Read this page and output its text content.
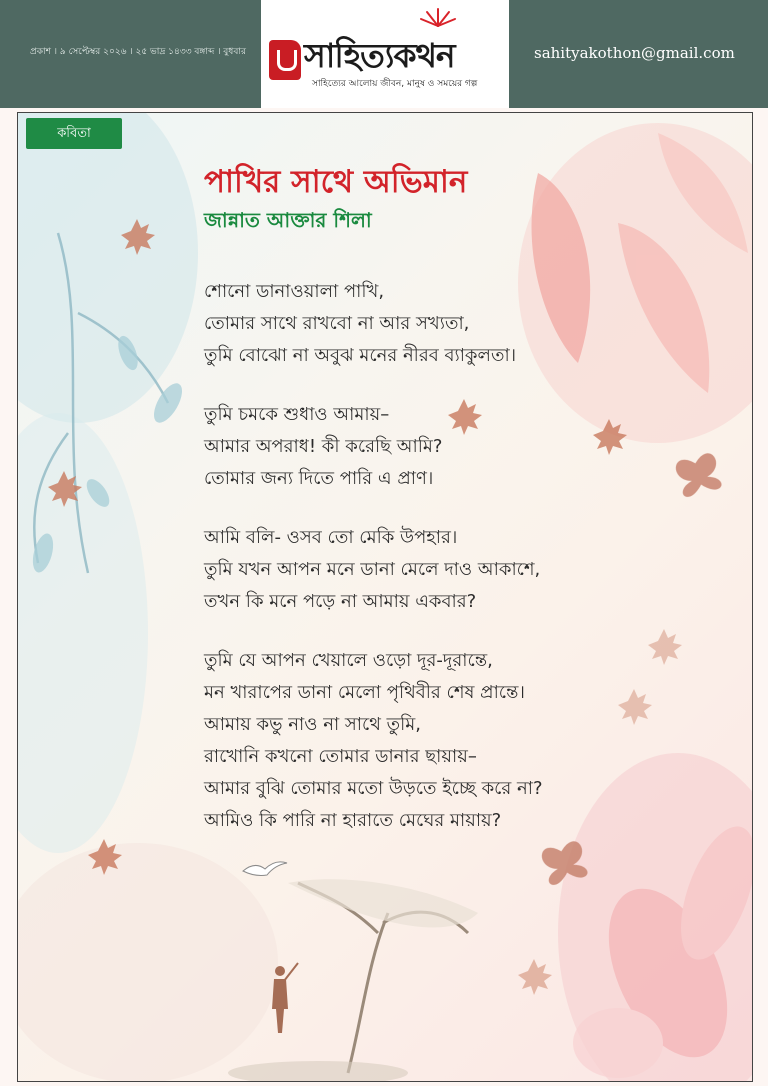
প্রকাশ । ৯ সেপ্টেম্বর ২০২৬ । ২৫ ভাদ্র ১৪৩৩ বঙ্গাব্দ । বুধবার	sahityakothon@gmail.com
সাহিত্যকথন
সাহিত্যের আলোয় জীবন, মানুষ ও সময়ের গল্প
কবিতা
পাখির সাথে অভিমান
জান্নাত আক্তার শিলা
শোনো ডানাওয়ালা পাখি,
তোমার সাথে রাখবো না আর সখ্যতা,
তুমি বোঝো না অবুঝ মনের নীরব ব্যাকুলতা।
তুমি চমকে শুধাও আমায়–
আমার অপরাধ! কী করেছি আমি?
তোমার জন্য দিতে পারি এ প্রাণ।
আমি বলি- ওসব তো মেকি উপহার।
তুমি যখন আপন মনে ডানা মেলে দাও আকাশে,
তখন কি মনে পড়ে না আমায় একবার?
তুমি যে আপন খেয়ালে ওড়ো দূর-দূরান্তে,
মন খারাপের ডানা মেলো পৃথিবীর শেষ প্রান্তে।
আমায় কভু নাও না সাথে তুমি,
রাখোনি কখনো তোমার ডানার ছায়ায়–
আমার বুঝি তোমার মতো উড়তে ইচ্ছে করে না?
আমিও কি পারি না হারাতে মেঘের মায়ায়?
